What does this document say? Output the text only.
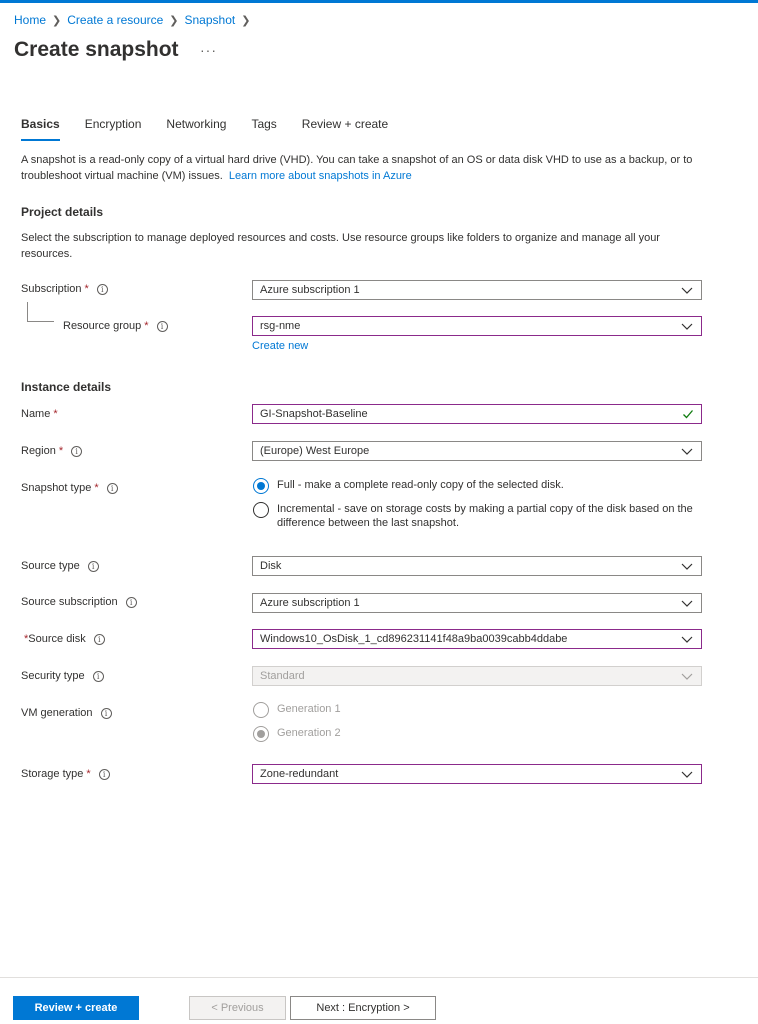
Home ❯ Create a resource ❯ Snapshot ❯
Create snapshot ···
Basics Encryption Networking Tags Review + create
A snapshot is a read-only copy of a virtual hard drive (VHD). You can take a snapshot of an OS or data disk VHD to use as a backup, or to troubleshoot virtual machine (VM) issues. Learn more about snapshots in Azure
Project details
Select the subscription to manage deployed resources and costs. Use resource groups like folders to organize and manage all your resources.
Subscription *	i	Azure subscription 1
Resource group *	i	rsg-nme
Create new
Instance details
Name *	GI-Snapshot-Baseline
Region *	i	(Europe) West Europe
Snapshot type *	i	Full - make a complete read-only copy of the selected disk.
Incremental - save on storage costs by making a partial copy of the disk based on the difference between the last snapshot.
Source type	i	Disk
Source subscription	i	Azure subscription 1
* Source disk	i	Windows10_OsDisk_1_cd896231141f48a9ba0039cabb4ddabe
Security type	i	Standard
VM generation	i	Generation 1
Generation 2
Storage type *	i	Zone-redundant
Review + create	< Previous	Next : Encryption >
